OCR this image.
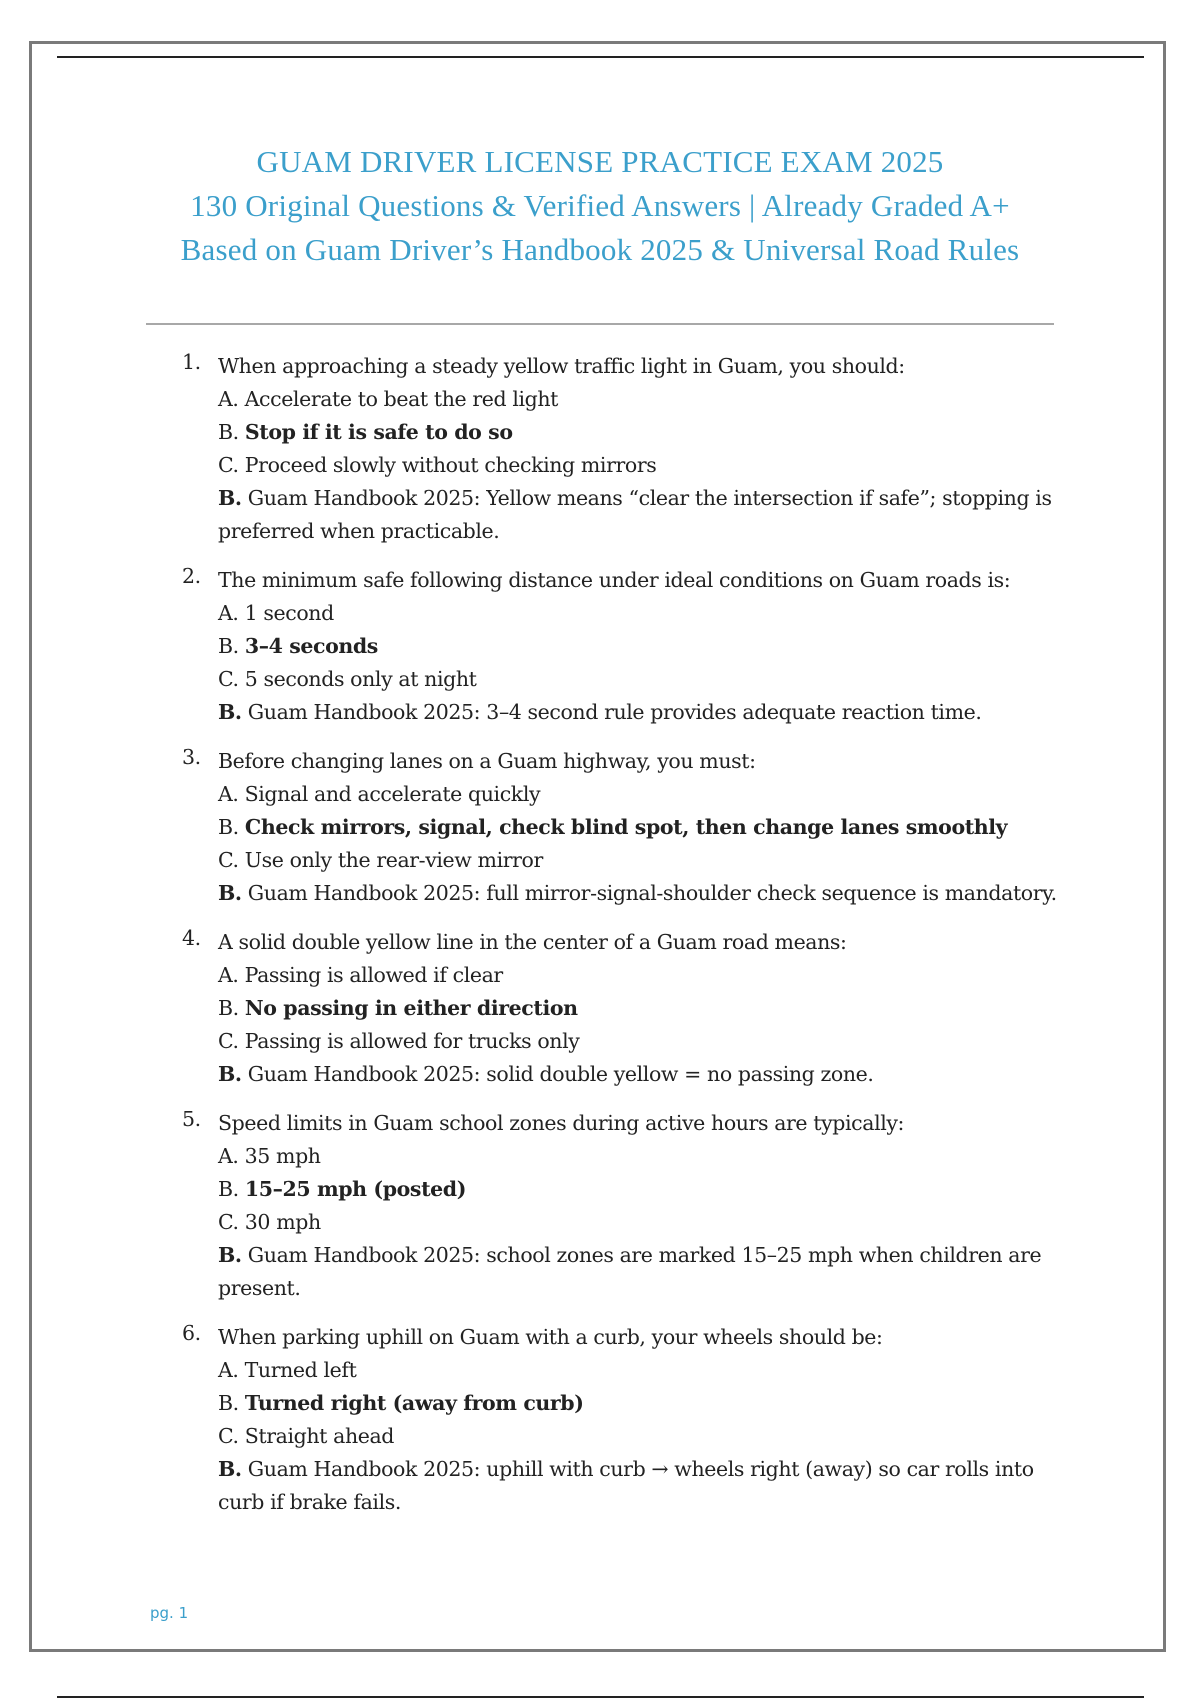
GUAM DRIVER LICENSE PRACTICE EXAM 2025
130 Original Questions & Verified Answers | Already Graded A+
Based on Guam Driver’s Handbook 2025 & Universal Road Rules
1. When approaching a steady yellow traffic light in Guam, you should:
A. Accelerate to beat the red light
B. Stop if it is safe to do so
C. Proceed slowly without checking mirrors
B. Guam Handbook 2025: Yellow means “clear the intersection if safe”; stopping is preferred when practicable.
2. The minimum safe following distance under ideal conditions on Guam roads is:
A. 1 second
B. 3–4 seconds
C. 5 seconds only at night
B. Guam Handbook 2025: 3–4 second rule provides adequate reaction time.
3. Before changing lanes on a Guam highway, you must:
A. Signal and accelerate quickly
B. Check mirrors, signal, check blind spot, then change lanes smoothly
C. Use only the rear-view mirror
B. Guam Handbook 2025: full mirror-signal-shoulder check sequence is mandatory.
4. A solid double yellow line in the center of a Guam road means:
A. Passing is allowed if clear
B. No passing in either direction
C. Passing is allowed for trucks only
B. Guam Handbook 2025: solid double yellow = no passing zone.
5. Speed limits in Guam school zones during active hours are typically:
A. 35 mph
B. 15–25 mph (posted)
C. 30 mph
B. Guam Handbook 2025: school zones are marked 15–25 mph when children are present.
6. When parking uphill on Guam with a curb, your wheels should be:
A. Turned left
B. Turned right (away from curb)
C. Straight ahead
B. Guam Handbook 2025: uphill with curb → wheels right (away) so car rolls into curb if brake fails.
pg. 1
